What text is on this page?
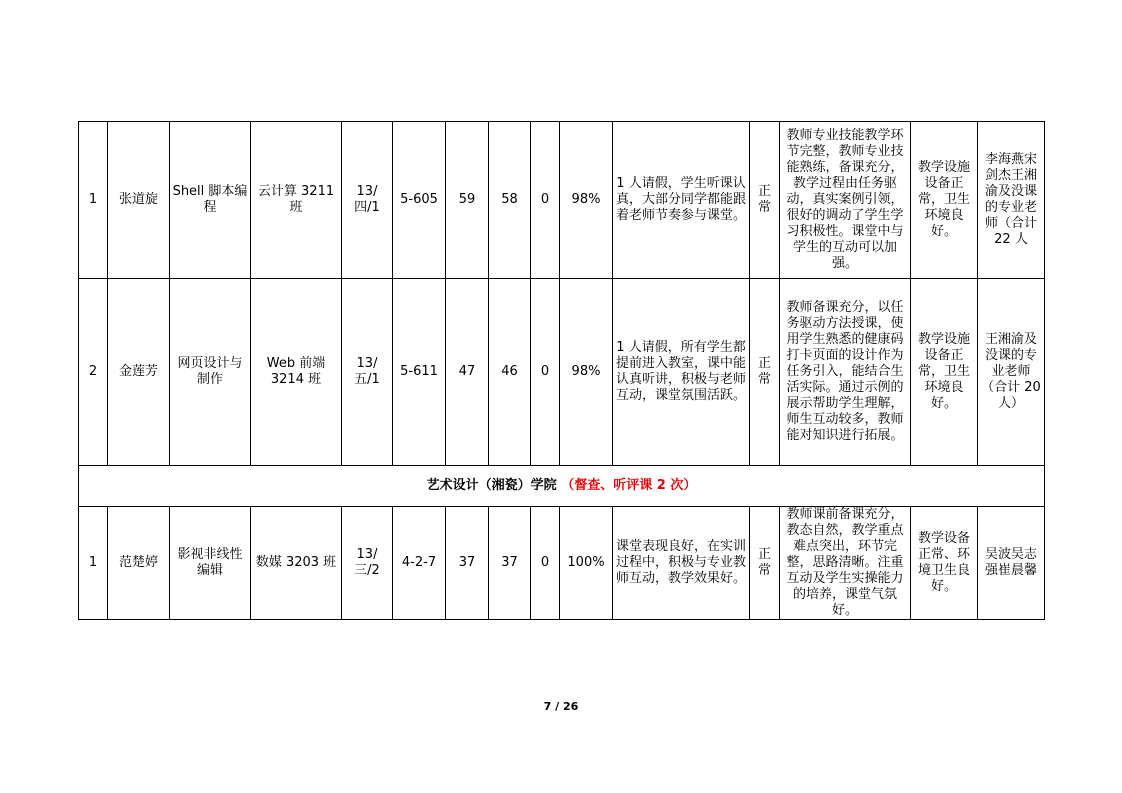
1	张道旋	Shell 脚本编程	云计算 3211 班	13/四/1	5-605	59	58	0	98%	1 人请假，学生听课认真，大部分同学都能跟着老师节奏参与课堂。	正常	教师专业技能教学环节完整，教师专业技能熟练，备课充分，教学过程由任务驱动，真实案例引领，很好的调动了学生学习积极性。课堂中与学生的互动可以加强。	教学设施设备正常，卫生环境良好。	李海燕宋剑杰王湘渝及没课的专业老师（合计 22 人
2	金莲芳	网页设计与制作	Web 前端 3214 班	13/五/1	5-611	47	46	0	98%	1 人请假，所有学生都提前进入教室，课中能认真听讲，积极与老师互动，课堂氛围活跃。	正常	教师备课充分，以任务驱动方法授课，使用学生熟悉的健康码打卡页面的设计作为任务引入，能结合生活实际。通过示例的展示帮助学生理解，师生互动较多，教师能对知识进行拓展。	教学设施设备正常，卫生环境良好。	王湘渝及没课的专业老师（合计 20 人）
艺术设计（湘瓷）学院 （督查、听评课 2 次）														
1	范楚婷	影视非线性编辑	数媒 3203 班	13/三/2	4-2-7	37	37	0	100%	课堂表现良好，在实训过程中，积极与专业教师互动，教学效果好。	正常	教师课前备课充分，教态自然，教学重点难点突出，环节完整，思路清晰。注重互动及学生实操能力的培养，课堂气氛好。	教学设备正常、环境卫生良好。	吴波吴志强崔晨馨
7 / 26
